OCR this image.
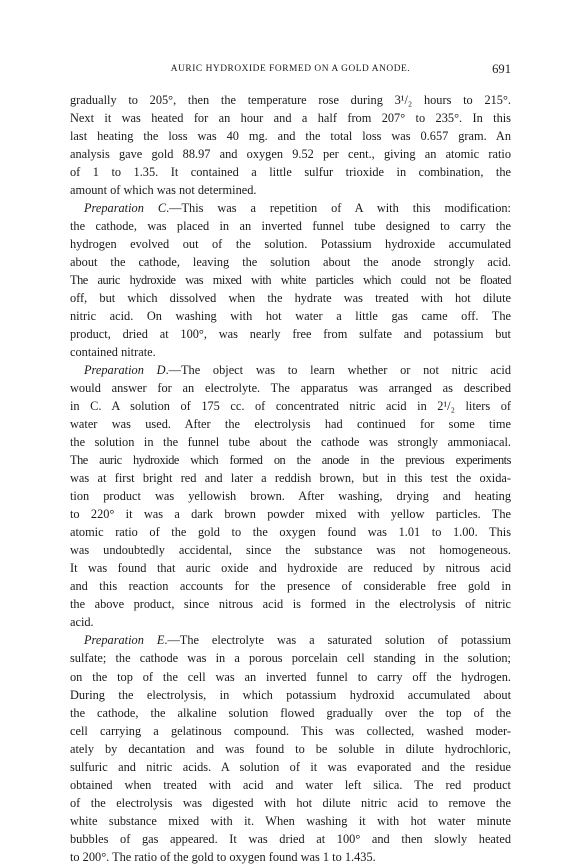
AURIC HYDROXIDE FORMED ON A GOLD ANODE.	691
gradually to 205°, then the temperature rose during 3¹/₂ hours to 215°.
Next it was heated for an hour and a half from 207° to 235°. In this
last heating the loss was 40 mg. and the total loss was 0.657 gram. An
analysis gave gold 88.97 and oxygen 9.52 per cent., giving an atomic ratio
of 1 to 1.35. It contained a little sulfur trioxide in combination, the
amount of which was not determined.
Preparation C.—This was a repetition of A with this modification:
the cathode, was placed in an inverted funnel tube designed to carry the
hydrogen evolved out of the solution. Potassium hydroxide accumulated
about the cathode, leaving the solution about the anode strongly acid.
The auric hydroxide was mixed with white particles which could not be floated
off, but which dissolved when the hydrate was treated with hot dilute
nitric acid. On washing with hot water a little gas came off. The
product, dried at 100°, was nearly free from sulfate and potassium but
contained nitrate.
Preparation D.—The object was to learn whether or not nitric acid
would answer for an electrolyte. The apparatus was arranged as described
in C. A solution of 175 cc. of concentrated nitric acid in 2¹/₂ liters of
water was used. After the electrolysis had continued for some time
the solution in the funnel tube about the cathode was strongly ammoniacal.
The auric hydroxide which formed on the anode in the previous experiments
was at first bright red and later a reddish brown, but in this test the oxida-
tion product was yellowish brown. After washing, drying and heating
to 220° it was a dark brown powder mixed with yellow particles. The
atomic ratio of the gold to the oxygen found was 1.01 to 1.00. This
was undoubtedly accidental, since the substance was not homogeneous.
It was found that auric oxide and hydroxide are reduced by nitrous acid
and this reaction accounts for the presence of considerable free gold in
the above product, since nitrous acid is formed in the electrolysis of nitric
acid.
Preparation E.—The electrolyte was a saturated solution of potassium
sulfate; the cathode was in a porous porcelain cell standing in the solution;
on the top of the cell was an inverted funnel to carry off the hydrogen.
During the electrolysis, in which potassium hydroxid accumulated about
the cathode, the alkaline solution flowed gradually over the top of the
cell carrying a gelatinous compound. This was collected, washed moder-
ately by decantation and was found to be soluble in dilute hydrochloric,
sulfuric and nitric acids. A solution of it was evaporated and the residue
obtained when treated with acid and water left silica. The red product
of the electrolysis was digested with hot dilute nitric acid to remove the
white substance mixed with it. When washing it with hot water minute
bubbles of gas appeared. It was dried at 100° and then slowly heated
to 200°. The ratio of the gold to oxygen found was 1 to 1.435.
